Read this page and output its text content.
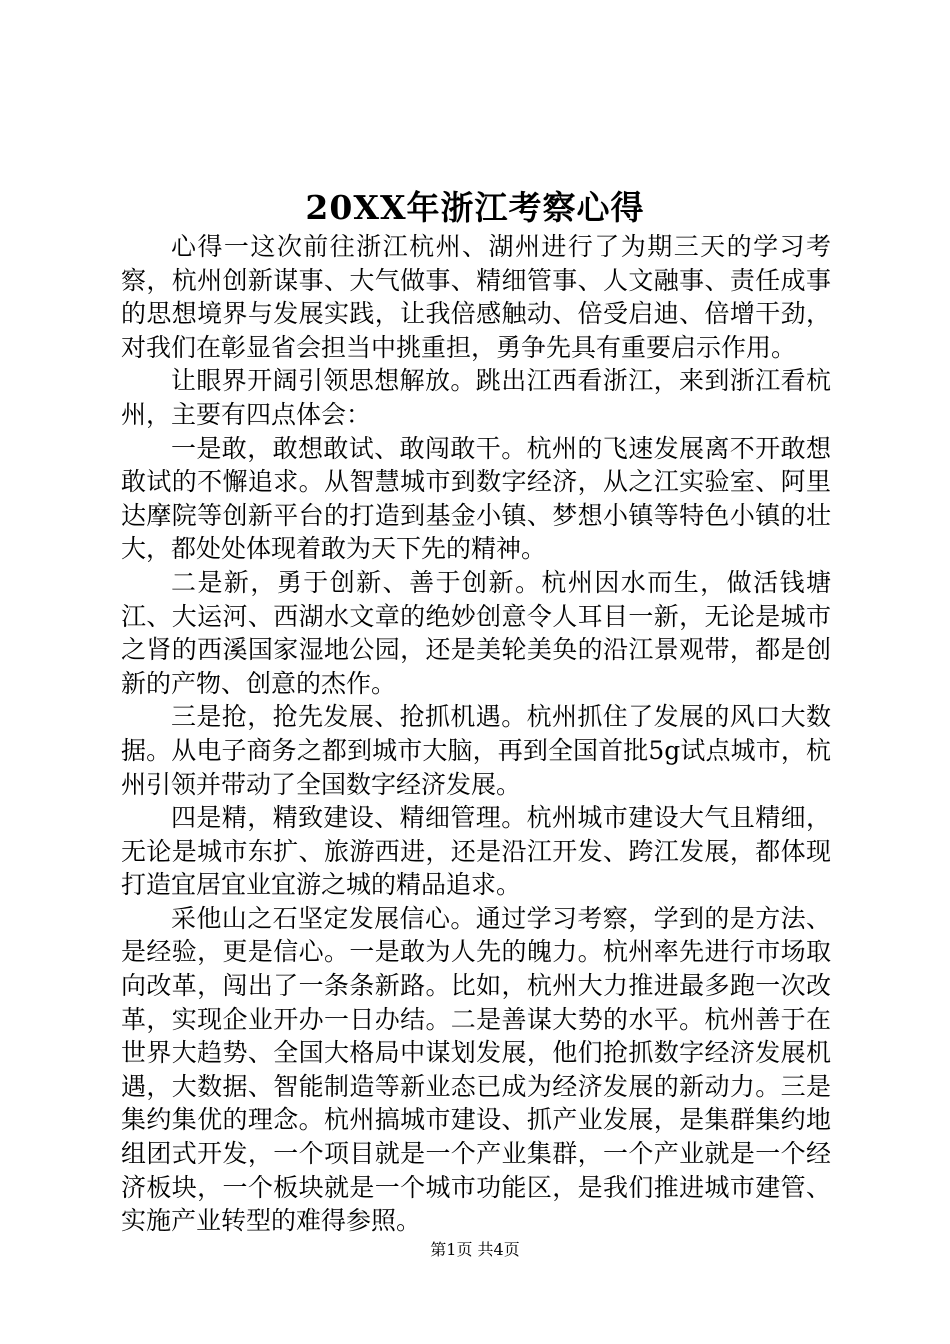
20XX年浙江考察心得

心得一这次前往浙江杭州、湖州进行了为期三天的学习考察，杭州创新谋事、大气做事、精细管事、人文融事、责任成事的思想境界与发展实践，让我倍感触动、倍受启迪、倍增干劲，对我们在彰显省会担当中挑重担，勇争先具有重要启示作用。

让眼界开阔引领思想解放。跳出江西看浙江，来到浙江看杭州，主要有四点体会：

一是敢，敢想敢试、敢闯敢干。杭州的飞速发展离不开敢想敢试的不懈追求。从智慧城市到数字经济，从之江实验室、阿里达摩院等创新平台的打造到基金小镇、梦想小镇等特色小镇的壮大，都处处体现着敢为天下先的精神。

二是新，勇于创新、善于创新。杭州因水而生，做活钱塘江、大运河、西湖水文章的绝妙创意令人耳目一新，无论是城市之肾的西溪国家湿地公园，还是美轮美奂的沿江景观带，都是创新的产物、创意的杰作。

三是抢，抢先发展、抢抓机遇。杭州抓住了发展的风口大数据。从电子商务之都到城市大脑，再到全国首批5g试点城市，杭州引领并带动了全国数字经济发展。

四是精，精致建设、精细管理。杭州城市建设大气且精细，无论是城市东扩、旅游西进，还是沿江开发、跨江发展，都体现打造宜居宜业宜游之城的精品追求。

采他山之石坚定发展信心。通过学习考察，学到的是方法、是经验，更是信心。一是敢为人先的魄力。杭州率先进行市场取向改革，闯出了一条条新路。比如，杭州大力推进最多跑一次改革，实现企业开办一日办结。二是善谋大势的水平。杭州善于在世界大趋势、全国大格局中谋划发展，他们抢抓数字经济发展机遇，大数据、智能制造等新业态已成为经济发展的新动力。三是集约集优的理念。杭州搞城市建设、抓产业发展，是集群集约地组团式开发，一个项目就是一个产业集群，一个产业就是一个经济板块，一个板块就是一个城市功能区，是我们推进城市建管、实施产业转型的难得参照。

第1页 共4页
